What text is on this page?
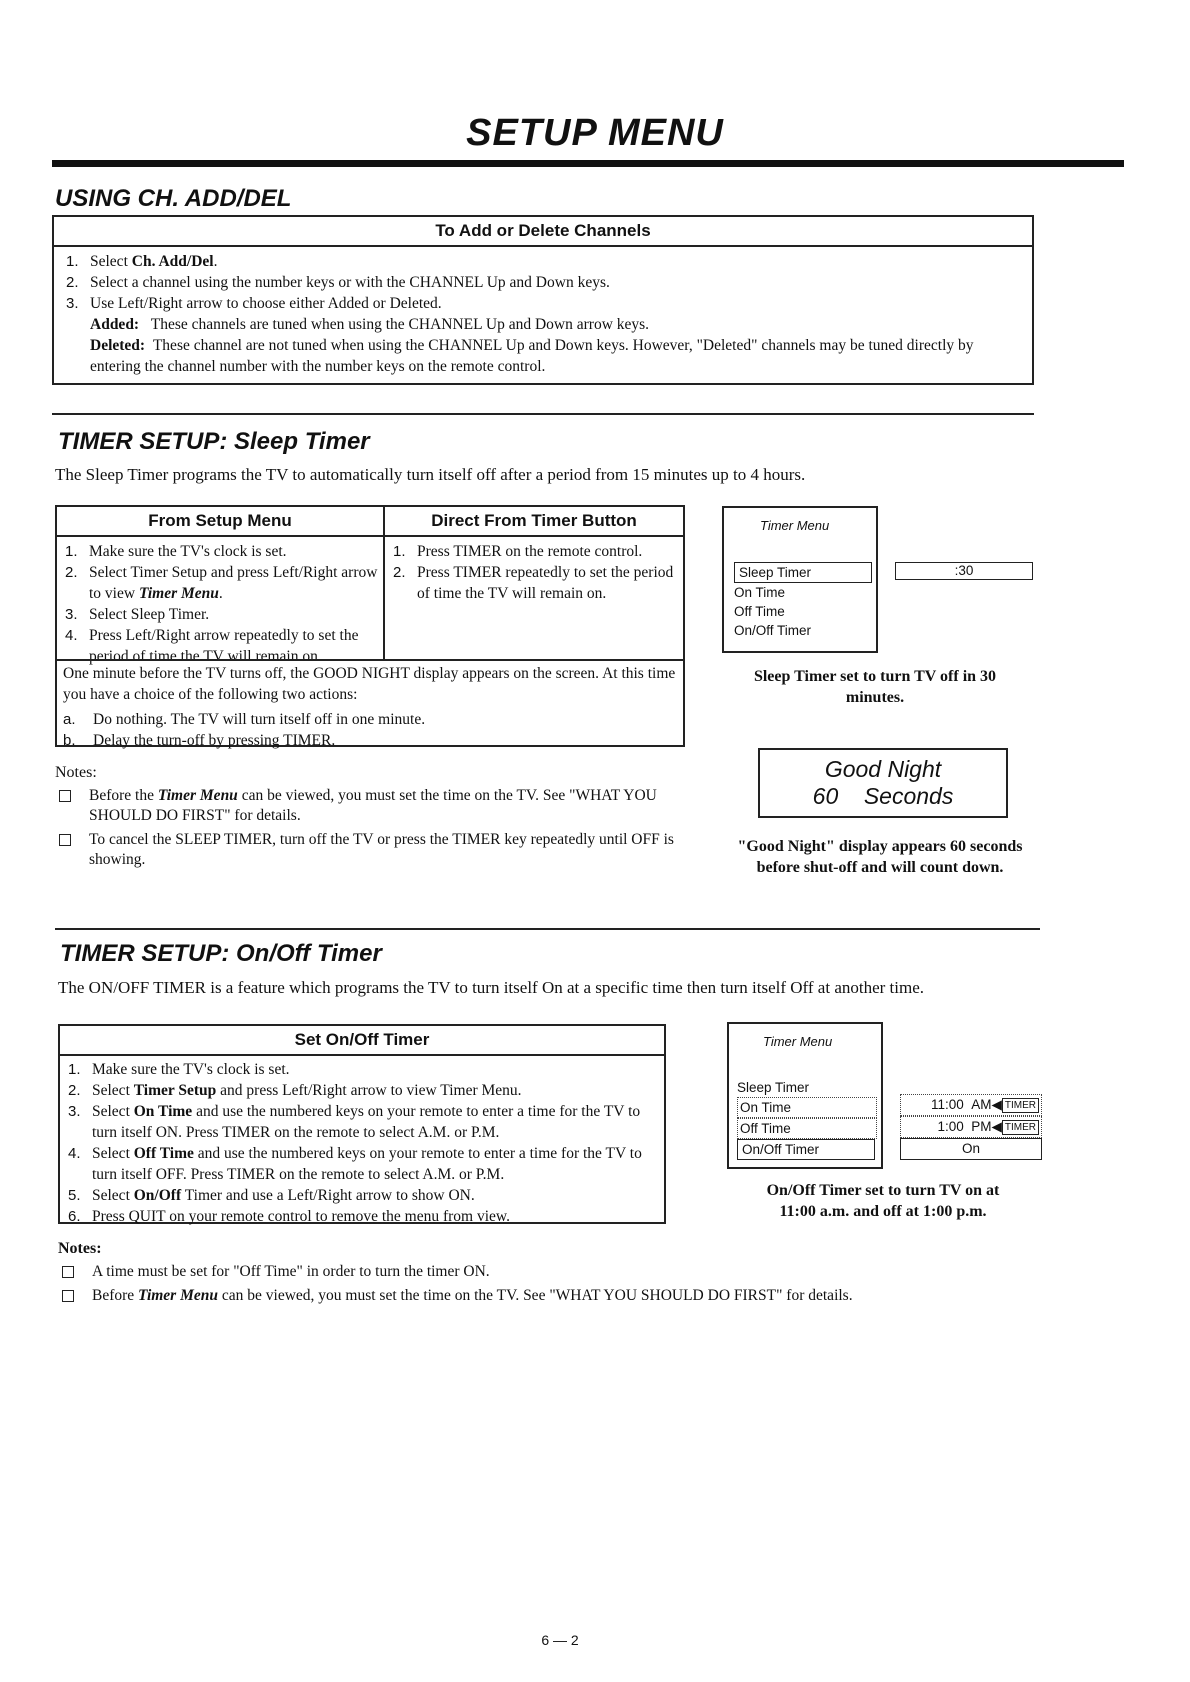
SETUP MENU
USING CH. ADD/DEL
To Add or Delete Channels
1. Select Ch. Add/Del.
2. Select a channel using the number keys or with the CHANNEL Up and Down keys.
3. Use Left/Right arrow to choose either Added or Deleted.
Added: These channels are tuned when using the CHANNEL Up and Down arrow keys.
Deleted: These channel are not tuned when using the CHANNEL Up and Down keys. However, "Deleted" channels may be tuned directly by entering the channel number with the number keys on the remote control.
TIMER SETUP: Sleep Timer
The Sleep Timer programs the TV to automatically turn itself off after a period from 15 minutes up to 4 hours.
From Setup Menu
1. Make sure the TV's clock is set.
2. Select Timer Setup and press Left/Right arrow to view Timer Menu.
3. Select Sleep Timer.
4. Press Left/Right arrow repeatedly to set the period of time the TV will remain on.
Direct From Timer Button
1. Press TIMER on the remote control.
2. Press TIMER repeatedly to set the period of time the TV will remain on.
One minute before the TV turns off, the GOOD NIGHT display appears on the screen. At this time you have a choice of the following two actions:
a. Do nothing. The TV will turn itself off in one minute.
b. Delay the turn-off by pressing TIMER.
Notes:
Before the Timer Menu can be viewed, you must set the time on the TV. See "WHAT YOU SHOULD DO FIRST" for details.
To cancel the SLEEP TIMER, turn off the TV or press the TIMER key repeatedly until OFF is showing.
Timer Menu
Sleep Timer
On Time
Off Time
On/Off Timer
:30
Sleep Timer set to turn TV off in 30 minutes.
Good Night
60 Seconds
"Good Night" display appears 60 seconds before shut-off and will count down.
TIMER SETUP: On/Off Timer
The ON/OFF TIMER is a feature which programs the TV to turn itself On at a specific time then turn itself Off at another time.
Set On/Off Timer
1. Make sure the TV's clock is set.
2. Select Timer Setup and press Left/Right arrow to view Timer Menu.
3. Select On Time and use the numbered keys on your remote to enter a time for the TV to turn itself ON. Press TIMER on the remote to select A.M. or P.M.
4. Select Off Time and use the numbered keys on your remote to enter a time for the TV to turn itself OFF. Press TIMER on the remote to select A.M. or P.M.
5. Select On/Off Timer and use a Left/Right arrow to show ON.
6. Press QUIT on your remote control to remove the menu from view.
Notes:
A time must be set for "Off Time" in order to turn the timer ON.
Before Timer Menu can be viewed, you must set the time on the TV. See "WHAT YOU SHOULD DO FIRST" for details.
Timer Menu
Sleep Timer
On Time
Off Time
On/Off Timer
11:00 AM◀ TIMER
1:00 PM◀ TIMER
On
On/Off Timer set to turn TV on at 11:00 a.m. and off at 1:00 p.m.
6 — 2
